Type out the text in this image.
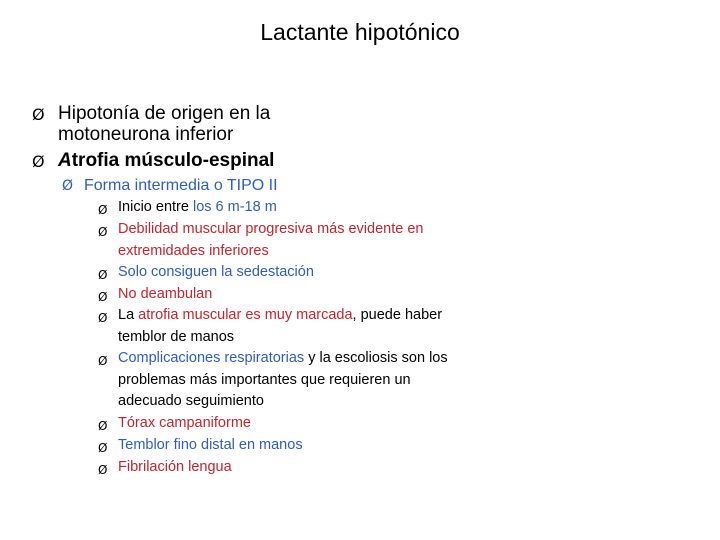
Lactante hipotónico
Ø Hipotonía de origen en la motoneurona inferior
Ø Atrofia músculo-espinal
Ø Forma intermedia o TIPO II
Ø Inicio entre los 6 m-18 m
Ø Debilidad muscular progresiva más evidente en extremidades inferiores
Ø Solo consiguen la sedestación
Ø No deambulan
Ø La atrofia muscular es muy marcada, puede haber temblor de manos
Ø Complicaciones respiratorias y la escoliosis son los problemas más importantes que requieren un adecuado seguimiento
Ø Tórax campaniforme
Ø Temblor fino distal en manos
Ø Fibrilación lengua
